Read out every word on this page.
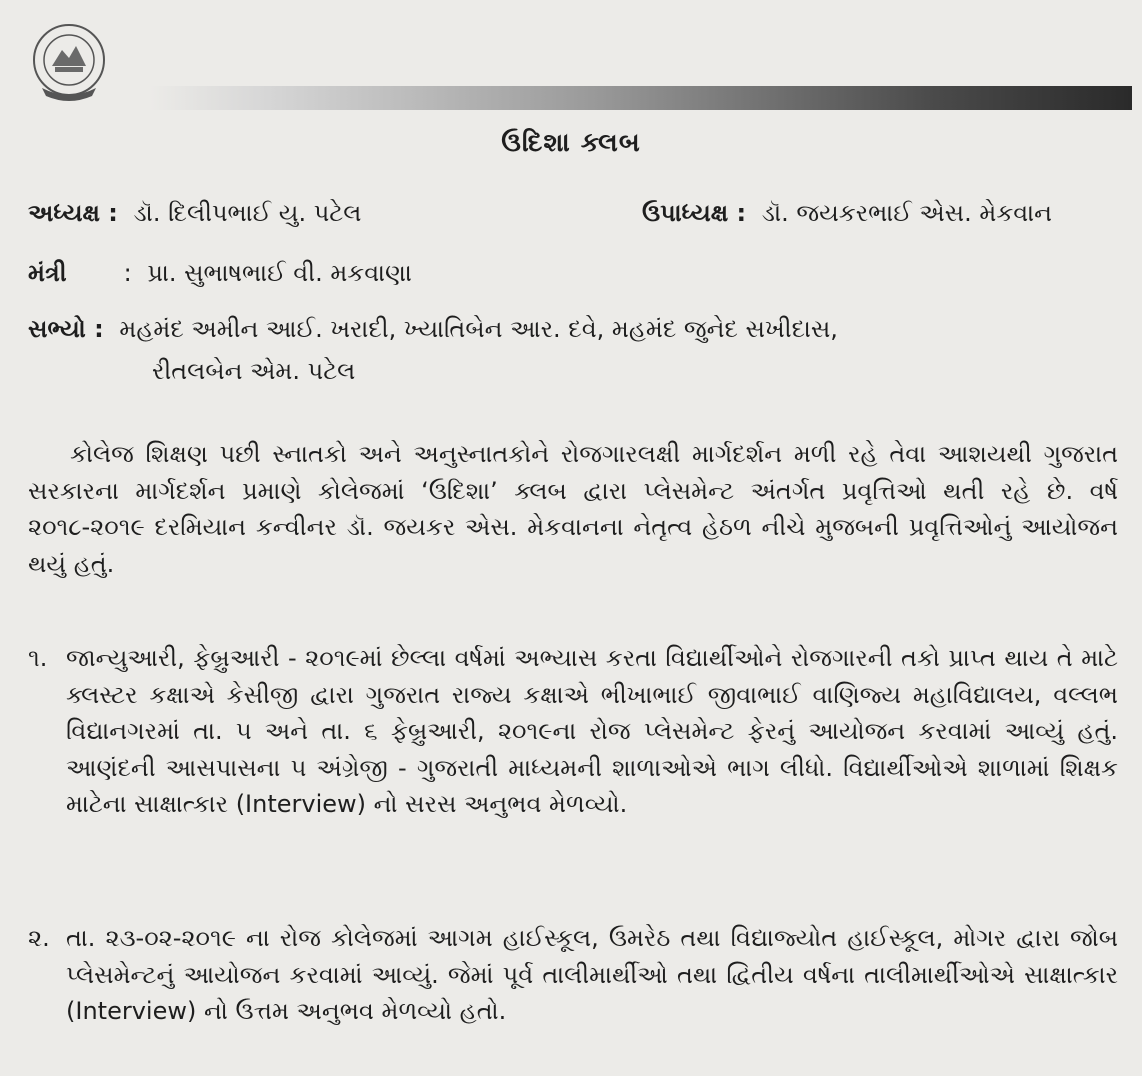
ઉદિશા ક્લબ
અધ્યક્ષ : ડૉ. દિલીપભાઈ યુ. પટેલ	ઉપાધ્યક્ષ : ડૉ. જયકરભાઈ એસ. મેકવાન
મંત્રી : પ્રા. સુભાષભાઈ વી. મકવાણા
સભ્યો : મહમંદ અમીન આઈ. ખરાદી, ખ્યાતિબેન આર. દવે, મહમંદ જુનેદ સખીદાસ,
રીતલબેન એમ. પટેલ
કોલેજ શિક્ષણ પછી સ્નાતકો અને અનુસ્નાતકોને રોજગારલક્ષી માર્ગદર્શન મળી રહે તેવા આશયથી ગુજરાત સરકારના માર્ગદર્શન પ્રમાણે કોલેજમાં ‘ઉદિશા’ ક્લબ દ્વારા પ્લેસમેન્ટ અંતર્ગત પ્રવૃત્તિઓ થતી રહે છે. વર્ષ ૨૦૧૮-૨૦૧૯ દરમિયાન કન્વીનર ડૉ. જયકર એસ. મેકવાનના નેતૃત્વ હેઠળ નીચે મુજબની પ્રવૃત્તિઓનું આયોજન થયું હતું.
૧. જાન્યુઆરી, ફેબ્રુઆરી - ૨૦૧૯માં છેલ્લા વર્ષમાં અભ્યાસ કરતા વિદ્યાર્થીઓને રોજગારની તકો પ્રાપ્ત થાય તે માટે ક્લસ્ટર કક્ષાએ કેસીજી દ્વારા ગુજરાત રાજ્ય કક્ષાએ ભીખાભાઈ જીવાભાઈ વાણિજ્ય મહાવિદ્યાલય, વલ્લભ વિદ્યાનગરમાં તા. ૫ અને તા. ૬ ફેબ્રુઆરી, ૨૦૧૯ના રોજ પ્લેસમેન્ટ ફેરનું આયોજન કરવામાં આવ્યું હતું. આણંદની આસપાસના ૫ અંગ્રેજી - ગુજરાતી માધ્યમની શાળાઓએ ભાગ લીધો. વિદ્યાર્થીઓએ શાળામાં શિક્ષક માટેના સાક્ષાત્કાર (Interview) નો સરસ અનુભવ મેળવ્યો.
૨. તા. ૨૩-૦૨-૨૦૧૯ ના રોજ કોલેજમાં આગમ હાઈસ્કૂલ, ઉમરેઠ તથા વિદ્યાજ્યોત હાઈસ્કૂલ, મોગર દ્વારા જોબ પ્લેસમેન્ટનું આયોજન કરવામાં આવ્યું. જેમાં પૂર્વ તાલીમાર્થીઓ તથા દ્વિતીય વર્ષના તાલીમાર્થીઓએ સાક્ષાત્કાર (Interview) નો ઉત્તમ અનુભવ મેળવ્યો હતો.
